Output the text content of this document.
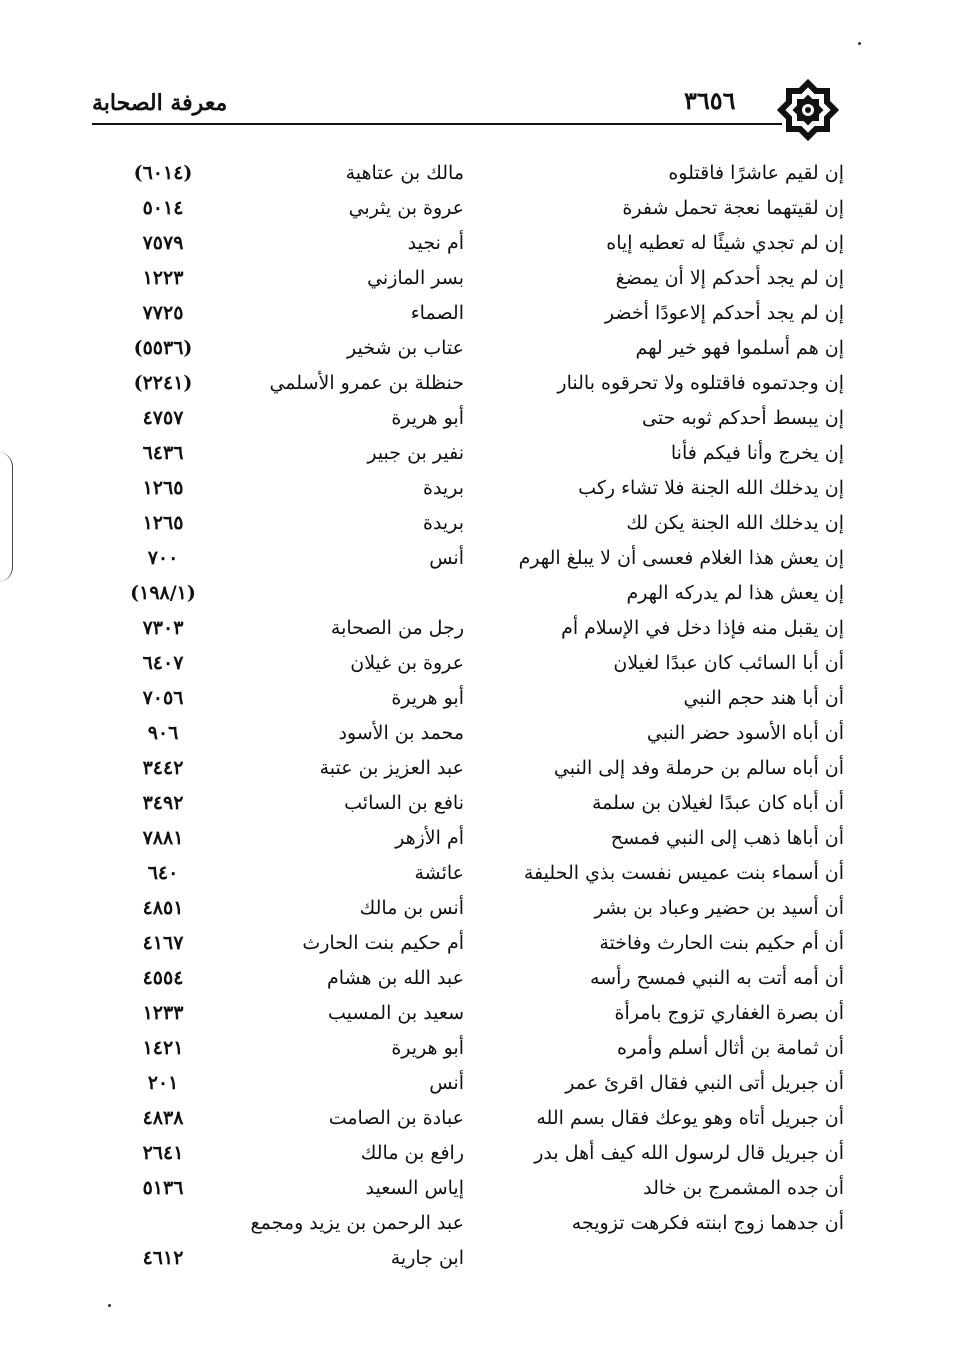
معرفة الصحابة	٣٦٥٦
إن لقيم عاشرًا فاقتلوه
مالك بن عتاهية
(٦٠١٤)
إن لقيتهما نعجة تحمل شفرة
عروة بن يثربي
٥٠١٤
إن لم تجدي شيئًا له تعطيه إياه
أم نجيد
٧٥٧٩
إن لم يجد أحدكم إلا أن يمضغ
بسر المازني
١٢٢٣
إن لم يجد أحدكم إلاعودًا أخضر
الصماء
٧٧٢٥
إن هم أسلموا فهو خير لهم
عتاب بن شخير
(٥٥٣٦)
إن وجدتموه فاقتلوه ولا تحرقوه بالنار
حنظلة بن عمرو الأسلمي
(٢٢٤١)
إن يبسط أحدكم ثوبه حتى
أبو هريرة
٤٧٥٧
إن يخرج وأنا فيكم فأنا
نفير بن جبير
٦٤٣٦
إن يدخلك الله الجنة فلا تشاء ركب
بريدة
١٢٦٥
إن يدخلك الله الجنة يكن لك
بريدة
١٢٦٥
إن يعش هذا الغلام فعسى أن لا يبلغ الهرم
أنس
٧٠٠
إن يعش هذا لم يدركه الهرم
(١٩٨/١)
إن يقبل منه فإذا دخل في الإسلام أم
رجل من الصحابة
٧٣٠٣
أن أبا السائب كان عبدًا لغيلان
عروة بن غيلان
٦٤٠٧
أن أبا هند حجم النبي
أبو هريرة
٧٠٥٦
أن أباه الأسود حضر النبي
محمد بن الأسود
٩٠٦
أن أباه سالم بن حرملة وفد إلى النبي
عبد العزيز بن عتبة
٣٤٤٢
أن أباه كان عبدًا لغيلان بن سلمة
نافع بن السائب
٣٤٩٢
أن أباها ذهب إلى النبي فمسح
أم الأزهر
٧٨٨١
أن أسماء بنت عميس نفست بذي الحليفة
عائشة
٦٤٠
أن أسيد بن حضير وعباد بن بشر
أنس بن مالك
٤٨٥١
أن أم حكيم بنت الحارث وفاختة
أم حكيم بنت الحارث
٤١٦٧
أن أمه أتت به النبي فمسح رأسه
عبد الله بن هشام
٤٥٥٤
أن بصرة الغفاري تزوج بامرأة
سعيد بن المسيب
١٢٣٣
أن ثمامة بن أثال أسلم وأمره
أبو هريرة
١٤٢١
أن جبريل أتى النبي فقال اقرئ عمر
أنس
٢٠١
أن جبريل أتاه وهو يوعك فقال بسم الله
عبادة بن الصامت
٤٨٣٨
أن جبريل قال لرسول الله كيف أهل بدر
رافع بن مالك
٢٦٤١
أن جده المشمرج بن خالد
إياس السعيد
٥١٣٦
أن جدهما زوج ابنته فكرهت تزويجه
عبد الرحمن بن يزيد ومجمع
ابن جارية
٤٦١٢
